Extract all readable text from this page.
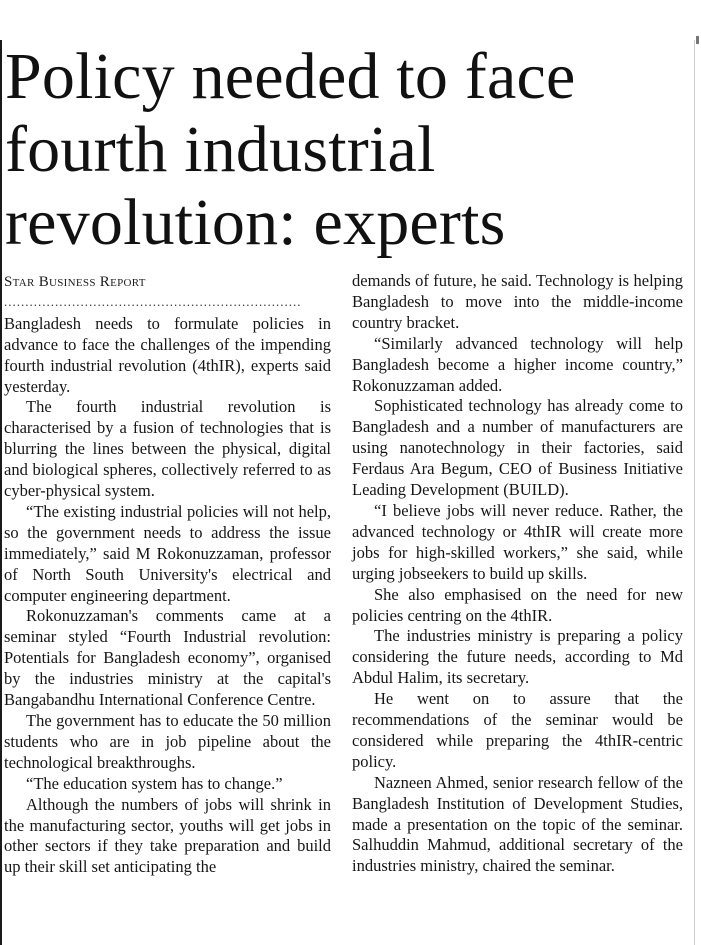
Policy needed to face
fourth industrial
revolution: experts
Star Business Report
......................................................................

Bangladesh needs to formulate policies in advance to face the challenges of the impending fourth industrial revolution (4thIR), experts said yesterday.

The fourth industrial revolution is characterised by a fusion of technologies that is blurring the lines between the physical, digital and biological spheres, collectively referred to as cyber-physical system.

“The existing industrial policies will not help, so the government needs to address the issue immediately,” said M Rokonuzzaman, professor of North South University's electrical and computer engineering department.

Rokonuzzaman's comments came at a seminar styled “Fourth Industrial revolution: Potentials for Bangladesh economy”, organised by the industries ministry at the capital's Bangabandhu International Conference Centre.

The government has to educate the 50 million students who are in job pipeline about the technological breakthroughs.

“The education system has to change.”

Although the numbers of jobs will shrink in the manufacturing sector, youths will get jobs in other sectors if they take preparation and build up their skill set anticipating the

demands of future, he said. Technology is helping Bangladesh to move into the middle-income country bracket.

“Similarly advanced technology will help Bangladesh become a higher income country,” Rokonuzzaman added.

Sophisticated technology has already come to Bangladesh and a number of manufacturers are using nanotechnology in their factories, said Ferdaus Ara Begum, CEO of Business Initiative Leading Development (BUILD).

“I believe jobs will never reduce. Rather, the advanced technology or 4thIR will create more jobs for high-skilled workers,” she said, while urging jobseekers to build up skills.

She also emphasised on the need for new policies centring on the 4thIR.

The industries ministry is preparing a policy considering the future needs, according to Md Abdul Halim, its secretary.

He went on to assure that the recommendations of the seminar would be considered while preparing the 4thIR-centric policy.

Nazneen Ahmed, senior research fellow of the Bangladesh Institution of Development Studies, made a presentation on the topic of the seminar. Salhuddin Mahmud, additional secretary of the industries ministry, chaired the seminar.
